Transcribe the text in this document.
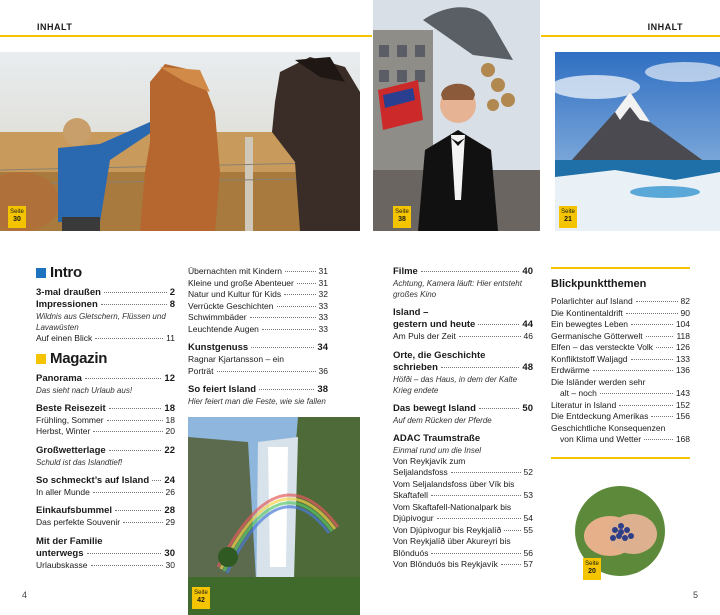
INHALT	INHALT
Seite
30
Seite
38
Seite
21
Seite
42
Seite
20
Intro
3-mal draußen	2
Impressionen	8
Wildnis aus Gletschern, Flüssen und Lavawüsten
Auf einen Blick	11
Magazin
Panorama	12
Das sieht nach Urlaub aus!
Beste Reisezeit	18
Frühling, Sommer	18
Herbst, Winter	20
Großwetterlage	22
Schuld ist das Islandtief!
So schmeckt’s auf Island 24
In aller Munde	26
Einkaufsbummel	28
Das perfekte Souvenir	29
Mit der Familie
unterwegs	30
Urlaubskasse	30
Übernachten mit Kindern	31
Kleine und große Abenteuer	31
Natur und Kultur für Kids	32
Verrückte Geschichten	33
Schwimmbäder	33
Leuchtende Augen	33
Kunstgenuss	34
Ragnar Kjartansson – ein
Porträt	36
So feiert Island	38
Hier feiert man die Feste, wie sie fallen
Filme	40
Achtung, Kamera läuft: Hier entsteht großes Kino
Island –
gestern und heute	44
Am Puls der Zeit	46
Orte, die Geschichte
schrieben	48
Höfði – das Haus, in dem der Kalte Krieg endete
Das bewegt Island	50
Auf dem Rücken der Pferde
ADAC Traumstraße
Einmal rund um die Insel
Von Reykjavík zum
Seljalandsfoss	52
Vom Seljalandsfoss über Vík bis
Skaftafell	53
Vom Skaftafell-Nationalpark bis
Djúpivogur	54
Von Djúpivogur bis Reykjalíð	55
Von Reykjalíð über Akureyri bis
Blönduós	56
Von Blönduós bis Reykjavík	57
Blickpunktthemen
Polarlichter auf Island	82
Die Kontinentaldrift	90
Ein bewegtes Leben	104
Germanische Götterwelt	118
Elfen – das versteckte Volk	126
Konfliktstoff Waljagd	133
Erdwärme	136
Die Isländer werden sehr
alt – noch	143
Literatur in Island	152
Die Entdeckung Amerikas	156
Geschichtliche Konsequenzen
von Klima und Wetter	168
4	5
